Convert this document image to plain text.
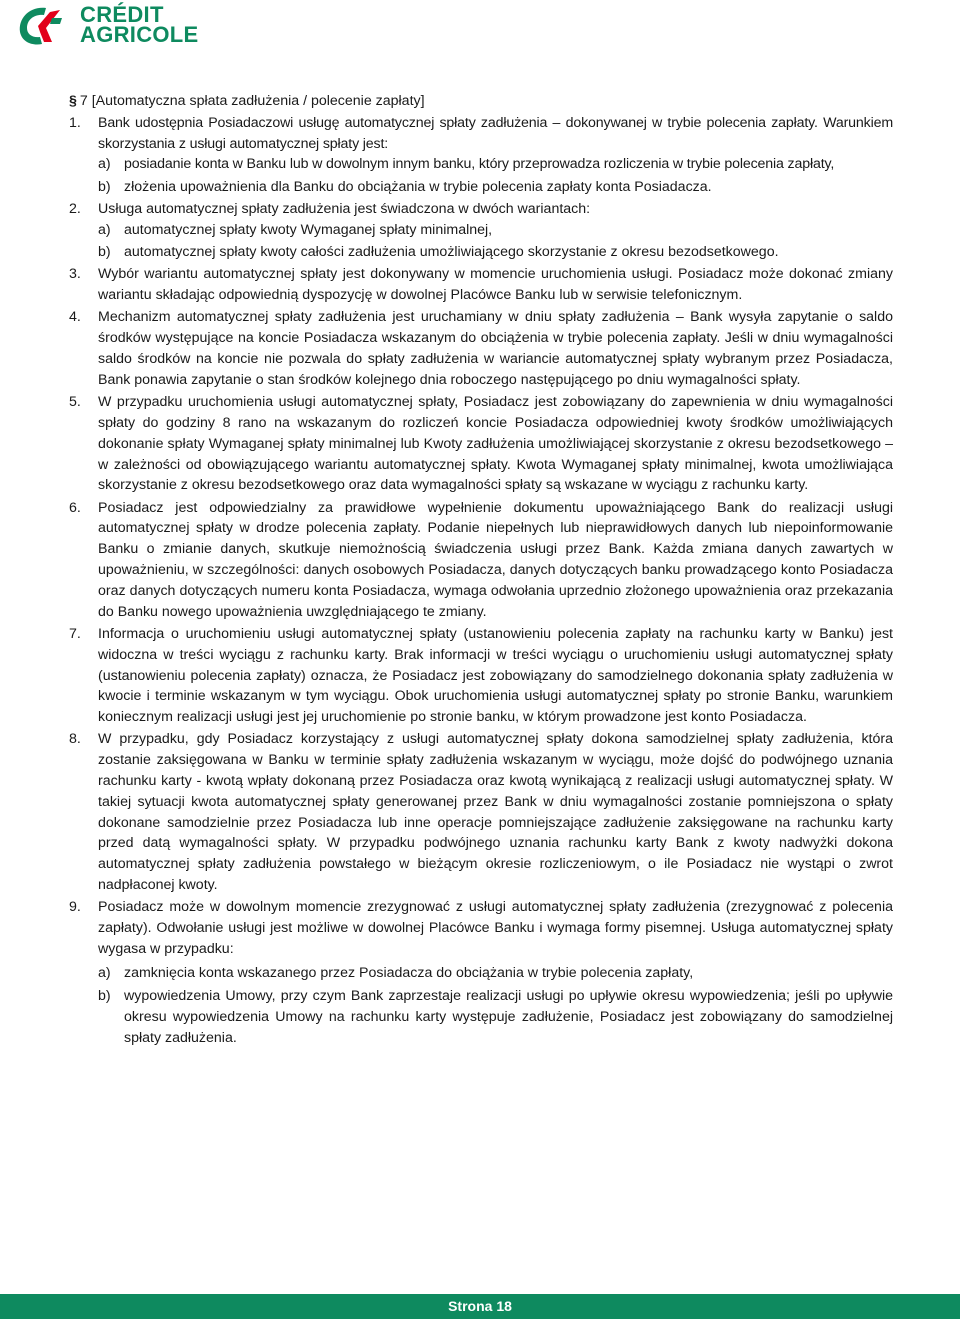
CRÉDIT
AGRICOLE

§ 7 [Automatyczna spłata zadłużenia / polecenie zapłaty]

1. Bank udostępnia Posiadaczowi usługę automatycznej spłaty zadłużenia – dokonywanej w trybie polecenia zapłaty. Warunkiem skorzystania z usługi automatycznej spłaty jest:

a) posiadanie konta w Banku lub w dowolnym innym banku, który przeprowadza rozliczenia w trybie polecenia zapłaty,

b) złożenia upoważnienia dla Banku do obciążania w trybie polecenia zapłaty konta Posiadacza.

2. Usługa automatycznej spłaty zadłużenia jest świadczona w dwóch wariantach:

a) automatycznej spłaty kwoty Wymaganej spłaty minimalnej,

b) automatycznej spłaty kwoty całości zadłużenia umożliwiającego skorzystanie z okresu bezodsetkowego.

3. Wybór wariantu automatycznej spłaty jest dokonywany w momencie uruchomienia usługi. Posiadacz może dokonać zmiany wariantu składając odpowiednią dyspozycję w dowolnej Placówce Banku lub w serwisie telefonicznym.

4. Mechanizm automatycznej spłaty zadłużenia jest uruchamiany w dniu spłaty zadłużenia – Bank wysyła zapytanie o saldo środków występujące na koncie Posiadacza wskazanym do obciążenia w trybie polecenia zapłaty. Jeśli w dniu wymagalności saldo środków na koncie nie pozwala do spłaty zadłużenia w wariancie automatycznej spłaty wybranym przez Posiadacza, Bank ponawia zapytanie o stan środków kolejnego dnia roboczego następującego po dniu wymagalności spłaty.

5. W przypadku uruchomienia usługi automatycznej spłaty, Posiadacz jest zobowiązany do zapewnienia w dniu wymagalności spłaty do godziny 8 rano na wskazanym do rozliczeń koncie Posiadacza odpowiedniej kwoty środków umożliwiających dokonanie spłaty Wymaganej spłaty minimalnej lub Kwoty zadłużenia umożliwiającej skorzystanie z okresu bezodsetkowego – w zależności od obowiązującego wariantu automatycznej spłaty. Kwota Wymaganej spłaty minimalnej, kwota umożliwiająca skorzystanie z okresu bezodsetkowego oraz data wymagalności spłaty są wskazane w wyciągu z rachunku karty.

6. Posiadacz jest odpowiedzialny za prawidłowe wypełnienie dokumentu upoważniającego Bank do realizacji usługi automatycznej spłaty w drodze polecenia zapłaty. Podanie niepełnych lub nieprawidłowych danych lub niepoinformowanie Banku o zmianie danych, skutkuje niemożnością świadczenia usługi przez Bank. Każda zmiana danych zawartych w upoważnieniu, w szczególności: danych osobowych Posiadacza, danych dotyczących banku prowadzącego konto Posiadacza oraz danych dotyczących numeru konta Posiadacza, wymaga odwołania uprzednio złożonego upoważnienia oraz przekazania do Banku nowego upoważnienia uwzględniającego te zmiany.

7. Informacja o uruchomieniu usługi automatycznej spłaty (ustanowieniu polecenia zapłaty na rachunku karty w Banku) jest widoczna w treści wyciągu z rachunku karty. Brak informacji w treści wyciągu o uruchomieniu usługi automatycznej spłaty (ustanowieniu polecenia zapłaty) oznacza, że Posiadacz jest zobowiązany do samodzielnego dokonania spłaty zadłużenia w kwocie i terminie wskazanym w tym wyciągu. Obok uruchomienia usługi automatycznej spłaty po stronie Banku, warunkiem koniecznym realizacji usługi jest jej uruchomienie po stronie banku, w którym prowadzone jest konto Posiadacza.

8. W przypadku, gdy Posiadacz korzystający z usługi automatycznej spłaty dokona samodzielnej spłaty zadłużenia, która zostanie zaksięgowana w Banku w terminie spłaty zadłużenia wskazanym w wyciągu, może dojść do podwójnego uznania rachunku karty - kwotą wpłaty dokonaną przez Posiadacza oraz kwotą wynikającą z realizacji usługi automatycznej spłaty. W takiej sytuacji kwota automatycznej spłaty generowanej przez Bank w dniu wymagalności zostanie pomniejszona o spłaty dokonane samodzielnie przez Posiadacza lub inne operacje pomniejszające zadłużenie zaksięgowane na rachunku karty przed datą wymagalności spłaty. W przypadku podwójnego uznania rachunku karty Bank z kwoty nadwyżki dokona automatycznej spłaty zadłużenia powstałego w bieżącym okresie rozliczeniowym, o ile Posiadacz nie wystąpi o zwrot nadpłaconej kwoty.

9. Posiadacz może w dowolnym momencie zrezygnować z usługi automatycznej spłaty zadłużenia (zrezygnować z polecenia zapłaty). Odwołanie usługi jest możliwe w dowolnej Placówce Banku i wymaga formy pisemnej. Usługa automatycznej spłaty wygasa w przypadku:

a) zamknięcia konta wskazanego przez Posiadacza do obciążania w trybie polecenia zapłaty,

b) wypowiedzenia Umowy, przy czym Bank zaprzestaje realizacji usługi po upływie okresu wypowiedzenia; jeśli po upływie okresu wypowiedzenia Umowy na rachunku karty występuje zadłużenie, Posiadacz jest zobowiązany do samodzielnej spłaty zadłużenia.

Strona 18
